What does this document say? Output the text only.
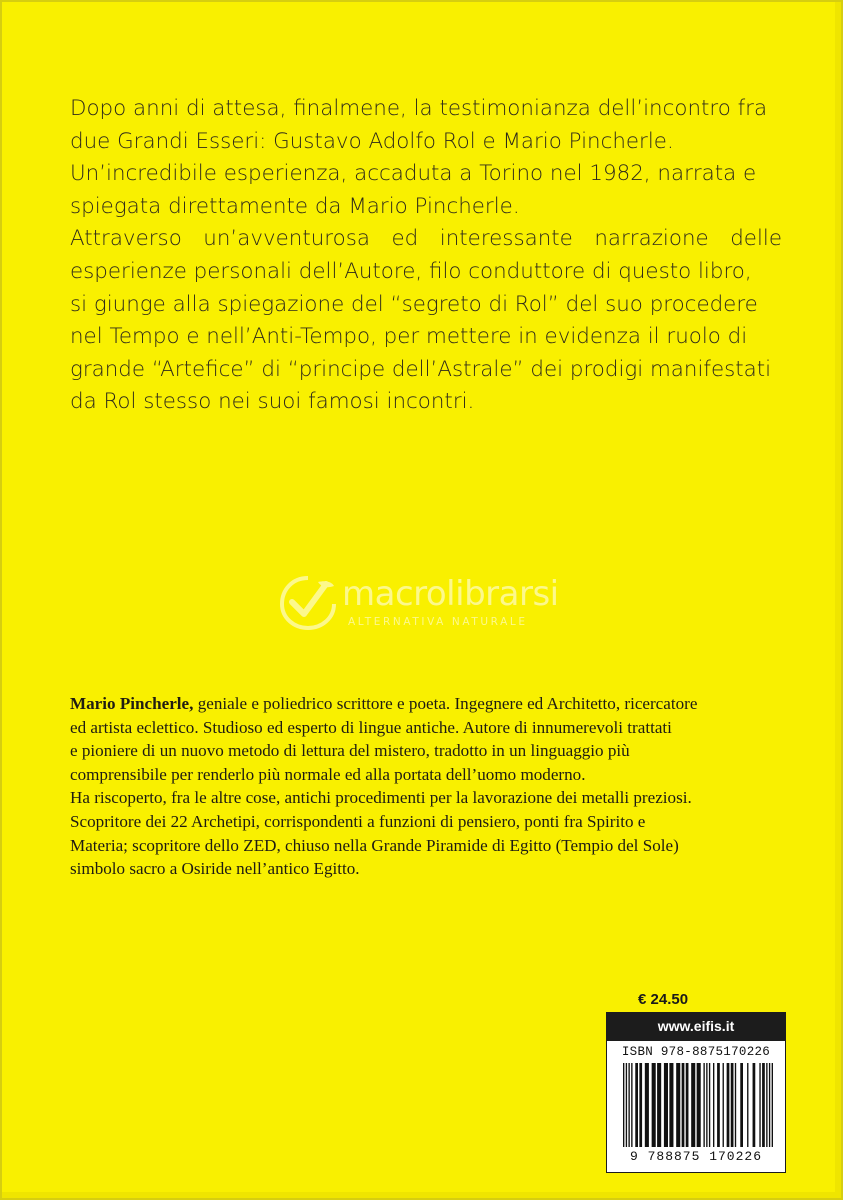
Dopo anni di attesa, finalmene, la testimonianza dell’incontro fra

due Grandi Esseri: Gustavo Adolfo Rol e Mario Pincherle.

Un’incredibile esperienza, accaduta a Torino nel 1982, narrata e

spiegata direttamente da Mario Pincherle.

Attraverso un’avventurosa ed interessante narrazione delle

esperienze personali dell’Autore, filo conduttore di questo libro,

si giunge alla spiegazione del “segreto di Rol” del suo procedere

nel Tempo e nell’Anti-Tempo, per mettere in evidenza il ruolo di

grande “Artefice” di “principe dell’Astrale” dei prodigi manifestati

da Rol stesso nei suoi famosi incontri.

macrolibrarsi
ALTERNATIVA NATURALE

Mario Pincherle, geniale e poliedrico scrittore e poeta. Ingegnere ed Architetto, ricercatore

ed artista eclettico. Studioso ed esperto di lingue antiche. Autore di innumerevoli trattati

e pioniere di un nuovo metodo di lettura del mistero, tradotto in un linguaggio più

comprensibile per renderlo più normale ed alla portata dell’uomo moderno.

Ha riscoperto, fra le altre cose, antichi procedimenti per la lavorazione dei metalli preziosi.

Scopritore dei 22 Archetipi, corrispondenti a funzioni di pensiero, ponti fra Spirito e

Materia; scopritore dello ZED, chiuso nella Grande Piramide di Egitto (Tempio del Sole)

simbolo sacro a Osiride nell’antico Egitto.

€ 24.50
www.eifis.it
ISBN 978-8875170226
9 788875 170226
